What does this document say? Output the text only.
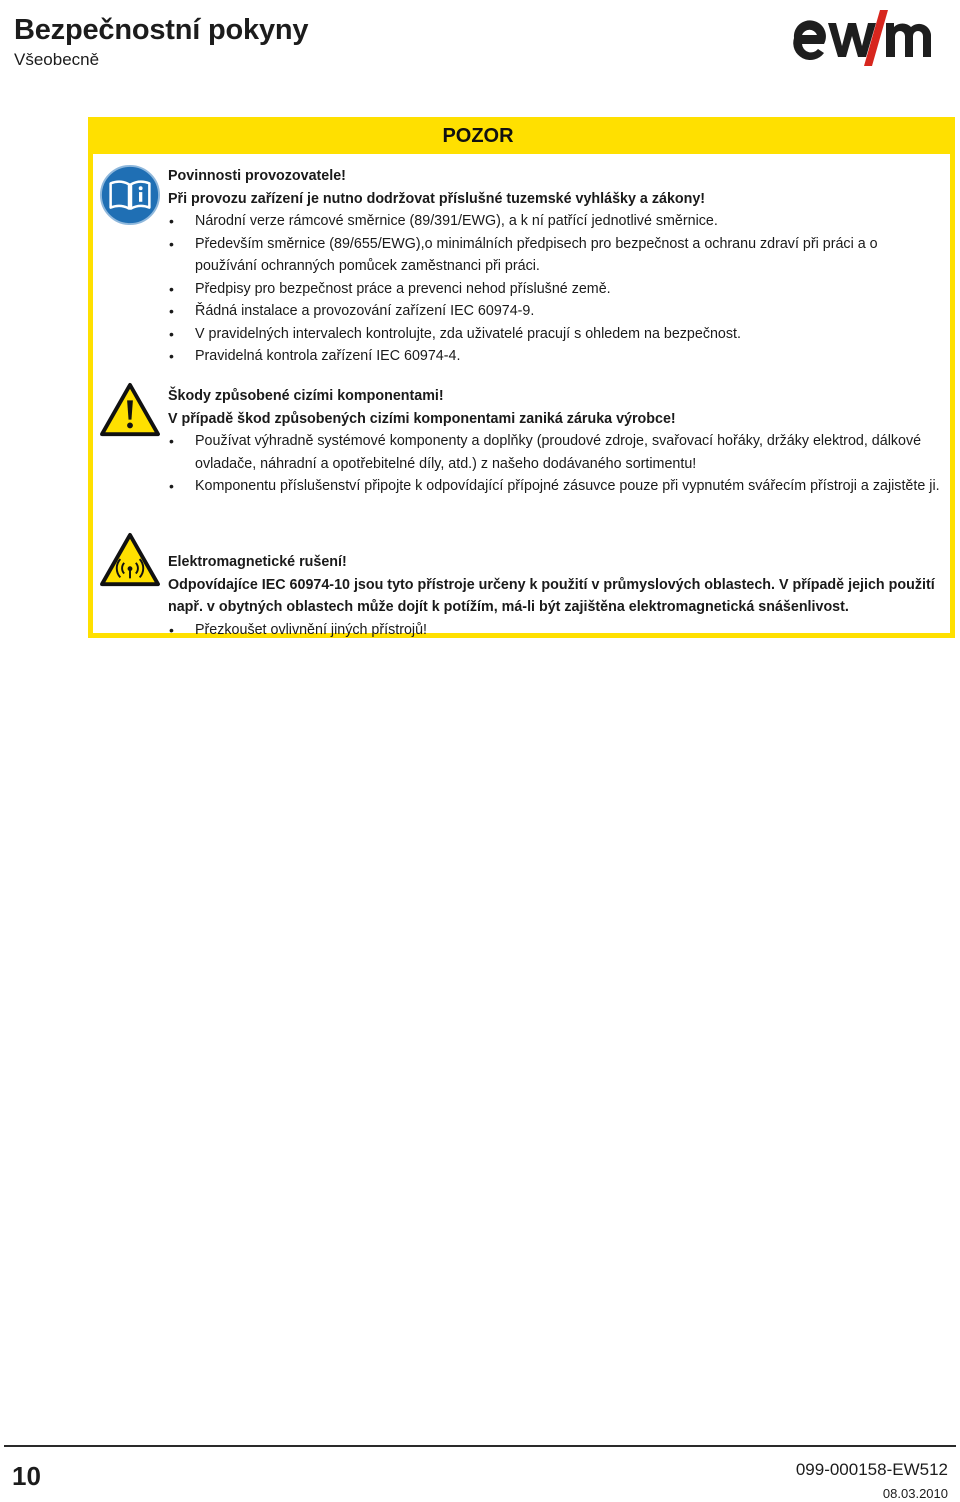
Bezpečnostní pokyny
Všeobecně
POZOR
Povinnosti provozovatele!
Při provozu zařízení je nutno dodržovat příslušné tuzemské vyhlášky a zákony!
• Národní verze rámcové směrnice (89/391/EWG), a k ní patřící jednotlivé směrnice.
• Především směrnice (89/655/EWG),o minimálních předpisech pro bezpečnost a ochranu zdraví při práci a o používání ochranných pomůcek zaměstnanci při práci.
• Předpisy pro bezpečnost práce a prevenci nehod příslušné země.
• Řádná instalace a provozování zařízení IEC 60974-9.
• V pravidelných intervalech kontrolujte, zda uživatelé pracují s ohledem na bezpečnost.
• Pravidelná kontrola zařízení IEC 60974-4.
Škody způsobené cizími komponentami!
V případě škod způsobených cizími komponentami zaniká záruka výrobce!
• Používat výhradně systémové komponenty a doplňky (proudové zdroje, svařovací hořáky, držáky elektrod, dálkové ovladače, náhradní a opotřebitelné díly, atd.) z našeho dodávaného sortimentu!
• Komponentu příslušenství připojte k odpovídající přípojné zásuvce pouze při vypnutém svářecím přístroji a zajistěte ji.
Elektromagnetické rušení!
Odpovídajíce IEC 60974-10 jsou tyto přístroje určeny k použití v průmyslových oblastech. V případě jejich použití např. v obytných oblastech může dojít k potížím, má-li být zajištěna elektromagnetická snášenlivost.
• Přezkoušet ovlivnění jiných přístrojů!
10	099-000158-EW512
08.03.2010
